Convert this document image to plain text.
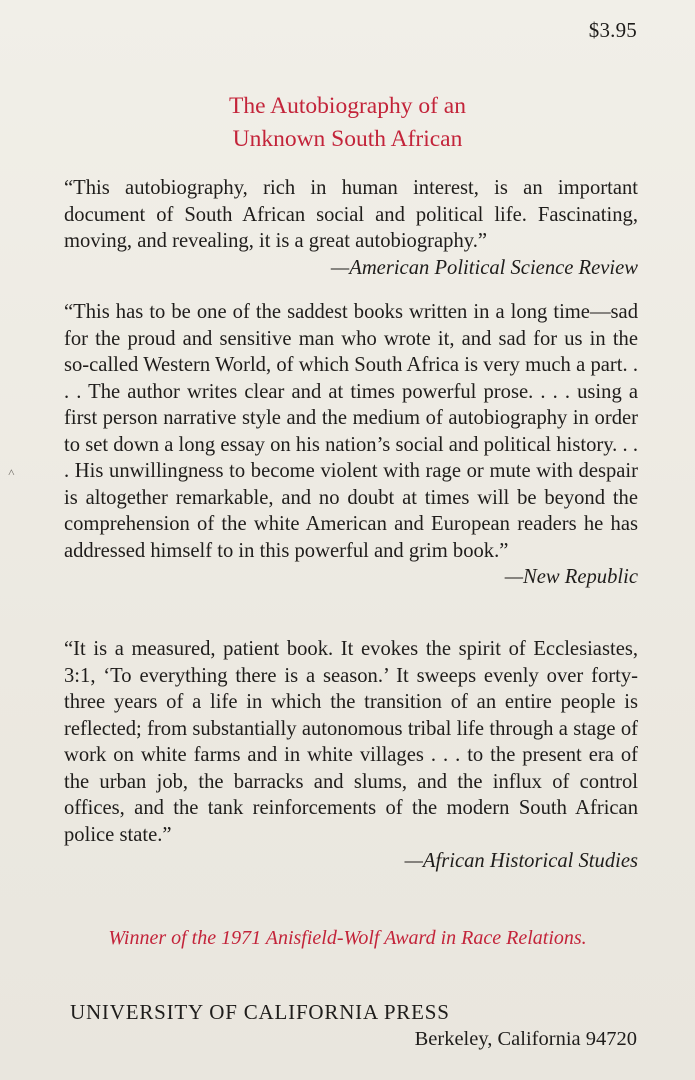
$3.95
The Autobiography of an
Unknown South African
˄

“This autobiography, rich in human interest, is an important document of South African social and political life. Fascinating, moving, and revealing, it is a great autobiography.”

—American Political Science Review

“This has to be one of the saddest books written in a long time—sad for the proud and sensitive man who wrote it, and sad for us in the so-called Western World, of which South Africa is very much a part. . . . The author writes clear and at times powerful prose. . . . using a first person narrative style and the medium of autobiography in order to set down a long essay on his nation’s social and political history. . . . His unwillingness to become violent with rage or mute with despair is altogether remarkable, and no doubt at times will be beyond the comprehension of the white American and European readers he has addressed himself to in this powerful and grim book.”

—New Republic

“It is a measured, patient book. It evokes the spirit of Ecclesiastes, 3:1, ‘To everything there is a season.’ It sweeps evenly over forty-three years of a life in which the transition of an entire people is reflected; from substantially autonomous tribal life through a stage of work on white farms and in white villages . . . to the present era of the urban job, the barracks and slums, and the influx of control offices, and the tank reinforcements of the modern South African police state.”

—African Historical Studies
Winner of the 1971 Anisfield-Wolf Award in Race Relations.
UNIVERSITY OF CALIFORNIA PRESS
Berkeley, California 94720
